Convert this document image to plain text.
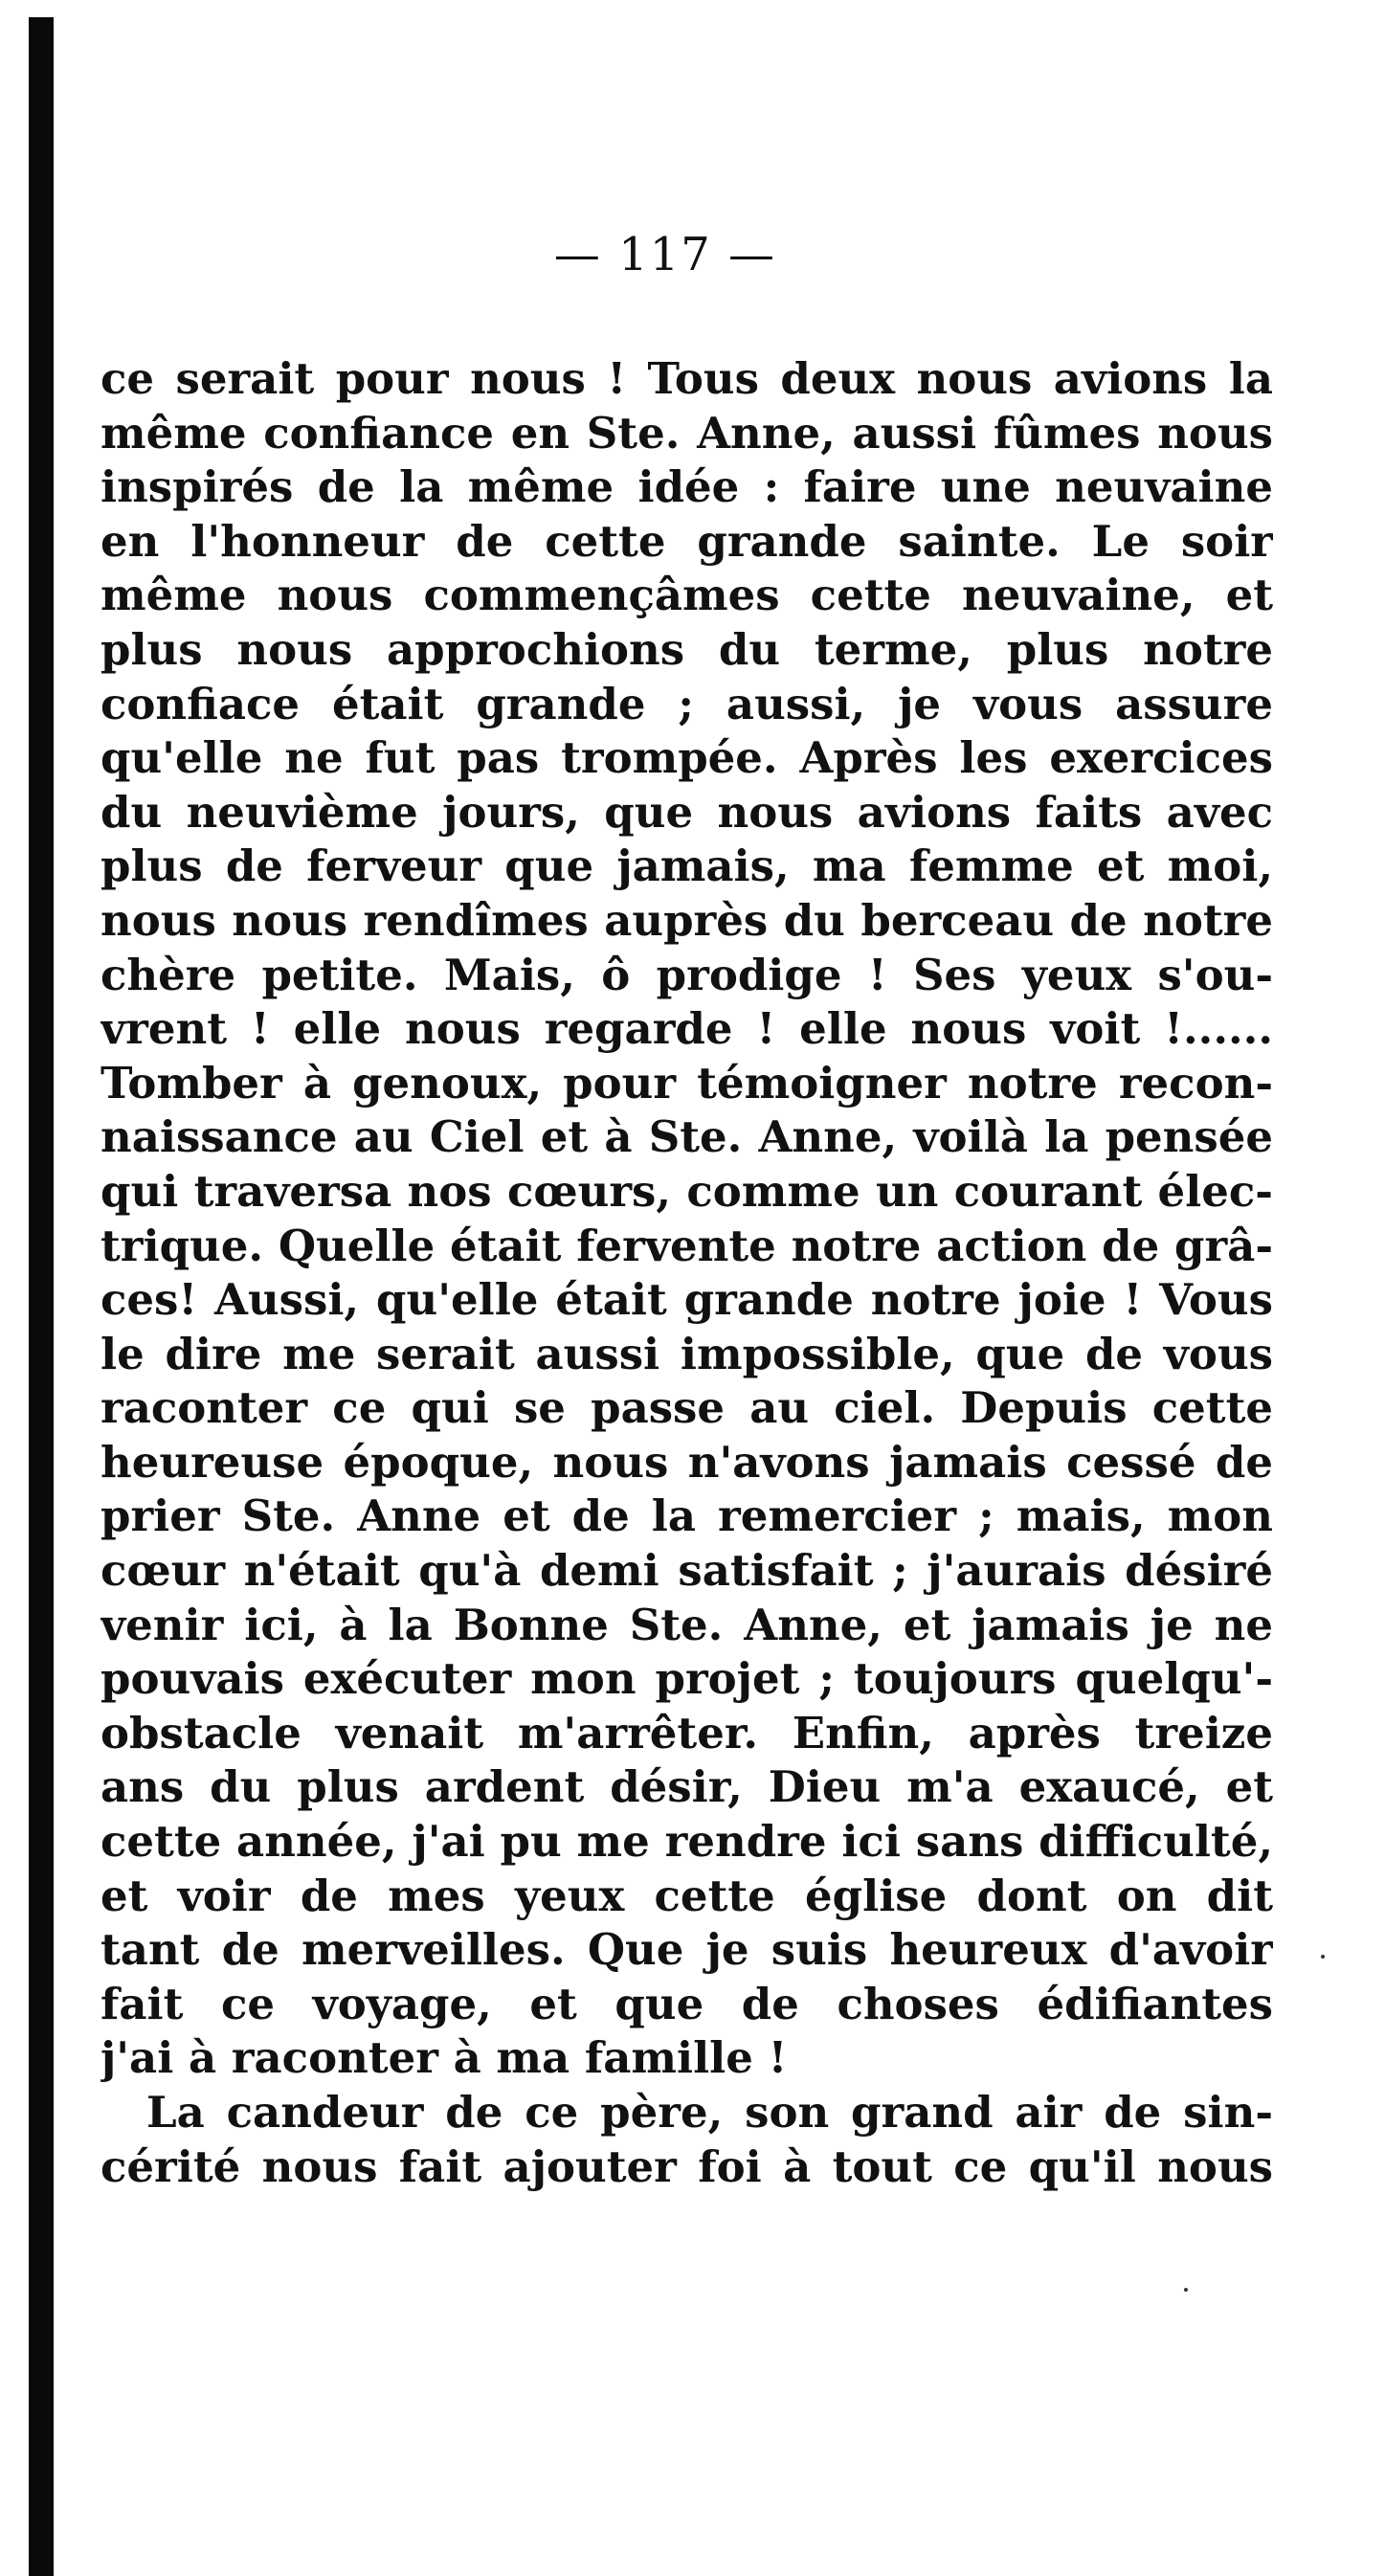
— 117 —
ce serait pour nous ! Tous deux nous avions la
même confiance en Ste. Anne, aussi fûmes nous
inspirés de la même idée : faire une neuvaine
en l'honneur de cette grande sainte. Le soir
même nous commençâmes cette neuvaine, et
plus nous approchions du terme, plus notre
confiace était grande ; aussi, je vous assure
qu'elle ne fut pas trompée. Après les exercices
du neuvième jours, que nous avions faits avec
plus de ferveur que jamais, ma femme et moi,
nous nous rendîmes auprès du berceau de notre
chère petite. Mais, ô prodige ! Ses yeux s'ou-
vrent ! elle nous regarde ! elle nous voit !......
Tomber à genoux, pour témoigner notre recon-
naissance au Ciel et à Ste. Anne, voilà la pensée
qui traversa nos cœurs, comme un courant élec-
trique. Quelle était fervente notre action de grâ-
ces! Aussi, qu'elle était grande notre joie ! Vous
le dire me serait aussi impossible, que de vous
raconter ce qui se passe au ciel. Depuis cette
heureuse époque, nous n'avons jamais cessé de
prier Ste. Anne et de la remercier ; mais, mon
cœur n'était qu'à demi satisfait ; j'aurais désiré
venir ici, à la Bonne Ste. Anne, et jamais je ne
pouvais exécuter mon projet ; toujours quelqu'-
obstacle venait m'arrêter. Enfin, après treize
ans du plus ardent désir, Dieu m'a exaucé, et
cette année, j'ai pu me rendre ici sans difficulté,
et voir de mes yeux cette église dont on dit
tant de merveilles. Que je suis heureux d'avoir
fait ce voyage, et que de choses édifiantes
j'ai à raconter à ma famille !
La candeur de ce père, son grand air de sin-
cérité nous fait ajouter foi à tout ce qu'il nous
